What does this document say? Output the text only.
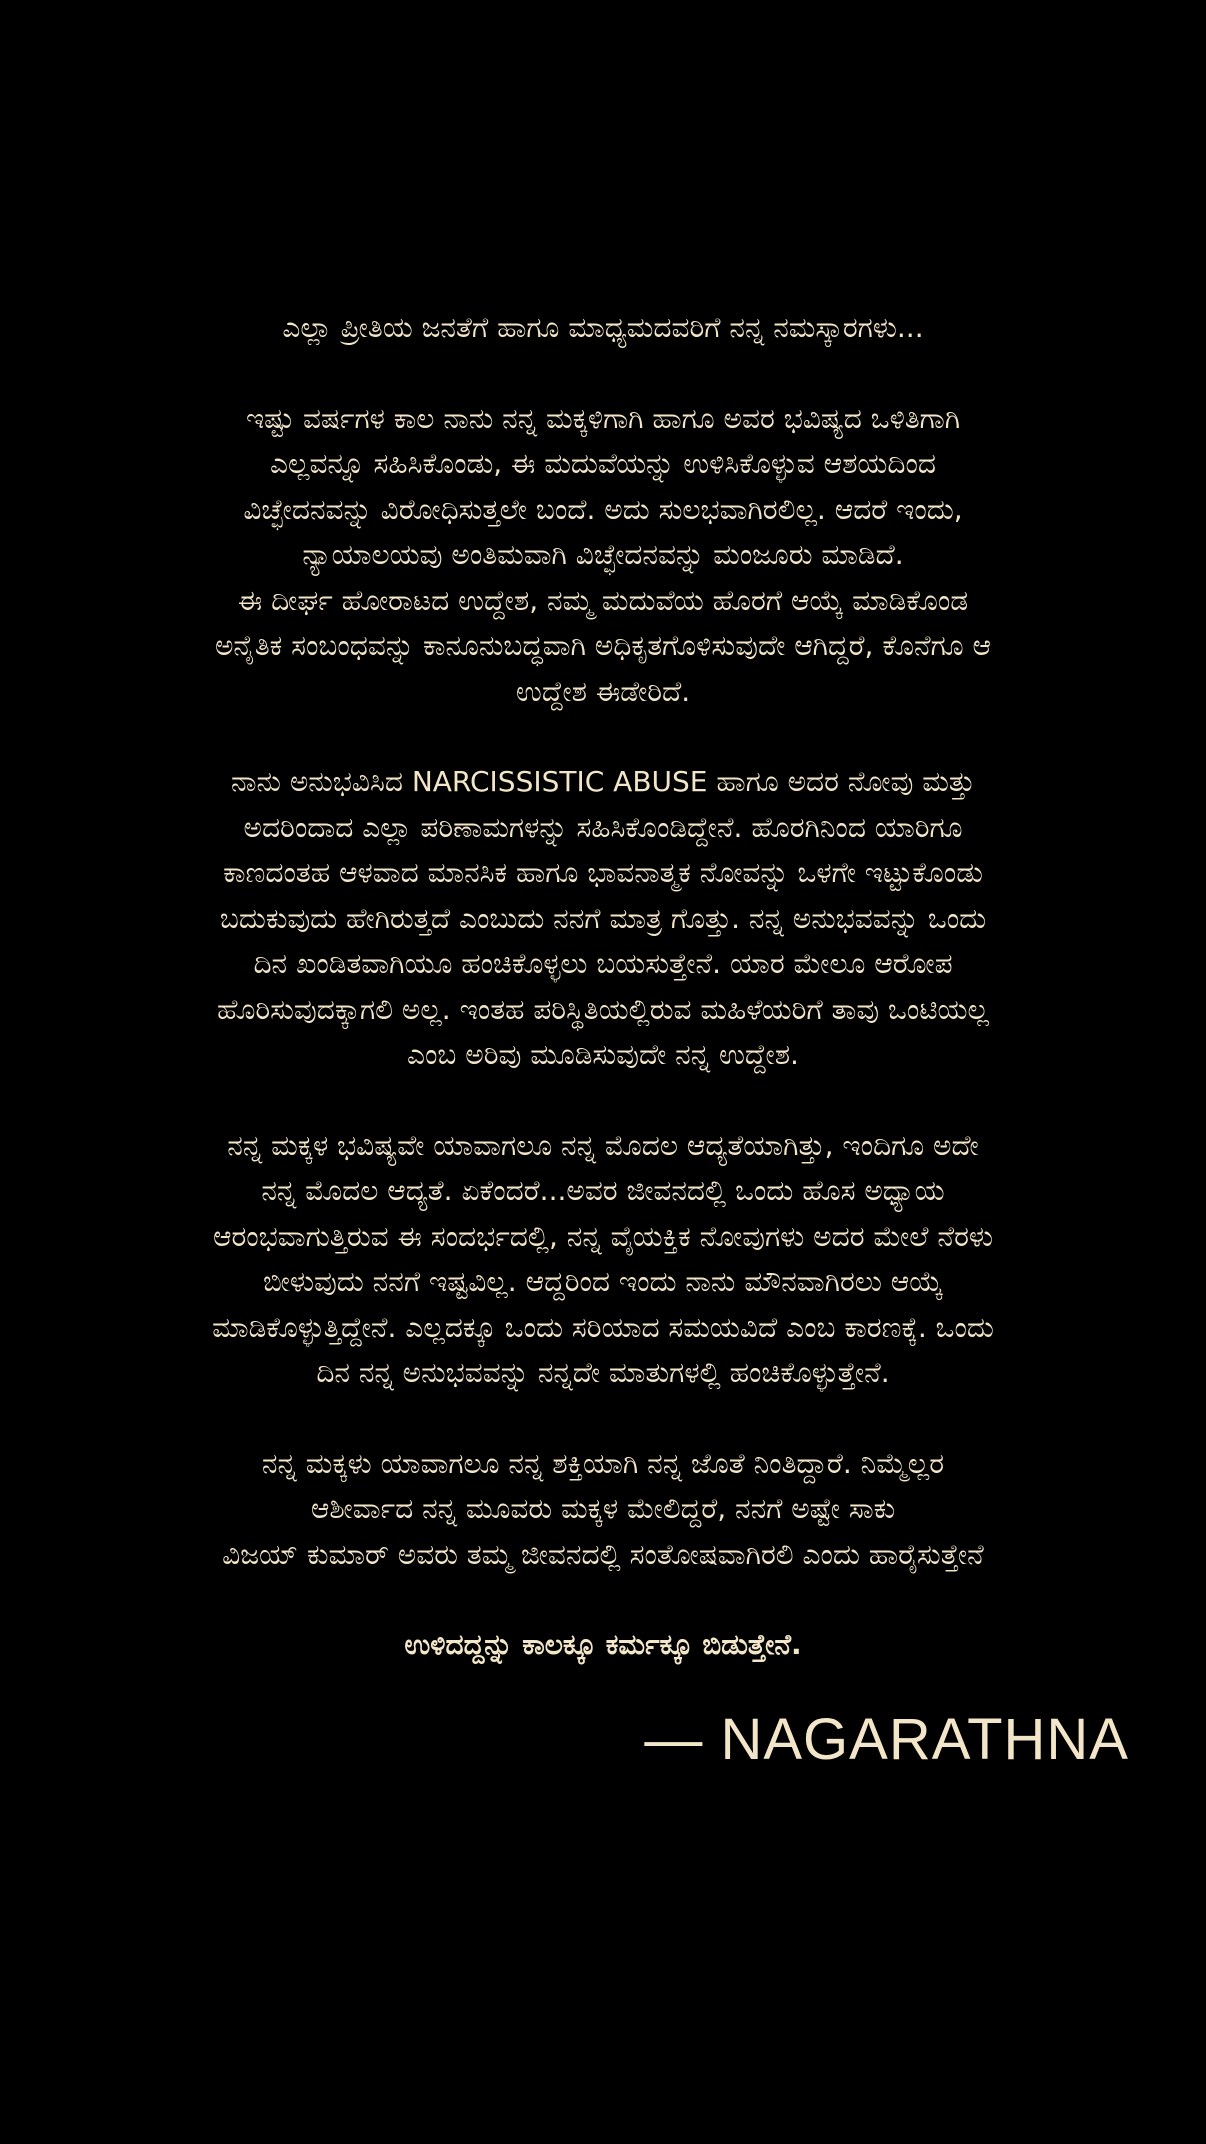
ಎಲ್ಲಾ ಪ್ರೀತಿಯ ಜನತೆಗೆ ಹಾಗೂ ಮಾಧ್ಯಮದವರಿಗೆ ನನ್ನ ನಮಸ್ಕಾರಗಳು...
ಇಷ್ಟು ವರ್ಷಗಳ ಕಾಲ ನಾನು ನನ್ನ ಮಕ್ಕಳಿಗಾಗಿ ಹಾಗೂ ಅವರ ಭವಿಷ್ಯದ ಒಳಿತಿಗಾಗಿ
ಎಲ್ಲವನ್ನೂ ಸಹಿಸಿಕೊಂಡು, ಈ ಮದುವೆಯನ್ನು ಉಳಿಸಿಕೊಳ್ಳುವ ಆಶಯದಿಂದ
ವಿಚ್ಛೇದನವನ್ನು ವಿರೋಧಿಸುತ್ತಲೇ ಬಂದೆ. ಅದು ಸುಲಭವಾಗಿರಲಿಲ್ಲ. ಆದರೆ ಇಂದು,
ನ್ಯಾಯಾಲಯವು ಅಂತಿಮವಾಗಿ ವಿಚ್ಛೇದನವನ್ನು ಮಂಜೂರು ಮಾಡಿದೆ.
ಈ ದೀರ್ಘ ಹೋರಾಟದ ಉದ್ದೇಶ, ನಮ್ಮ ಮದುವೆಯ ಹೊರಗೆ ಆಯ್ಕೆ ಮಾಡಿಕೊಂಡ
ಅನೈತಿಕ ಸಂಬಂಧವನ್ನು ಕಾನೂನುಬದ್ಧವಾಗಿ ಅಧಿಕೃತಗೊಳಿಸುವುದೇ ಆಗಿದ್ದರೆ, ಕೊನೆಗೂ ಆ
ಉದ್ದೇಶ ಈಡೇರಿದೆ.
ನಾನು ಅನುಭವಿಸಿದ NARCISSISTIC ABUSE ಹಾಗೂ ಅದರ ನೋವು ಮತ್ತು
ಅದರಿಂದಾದ ಎಲ್ಲಾ ಪರಿಣಾಮಗಳನ್ನು ಸಹಿಸಿಕೊಂಡಿದ್ದೇನೆ. ಹೊರಗಿನಿಂದ ಯಾರಿಗೂ
ಕಾಣದಂತಹ ಆಳವಾದ ಮಾನಸಿಕ ಹಾಗೂ ಭಾವನಾತ್ಮಕ ನೋವನ್ನು ಒಳಗೇ ಇಟ್ಟುಕೊಂಡು
ಬದುಕುವುದು ಹೇಗಿರುತ್ತದೆ ಎಂಬುದು ನನಗೆ ಮಾತ್ರ ಗೊತ್ತು. ನನ್ನ ಅನುಭವವನ್ನು ಒಂದು
ದಿನ ಖಂಡಿತವಾಗಿಯೂ ಹಂಚಿಕೊಳ್ಳಲು ಬಯಸುತ್ತೇನೆ. ಯಾರ ಮೇಲೂ ಆರೋಪ
ಹೊರಿಸುವುದಕ್ಕಾಗಲಿ ಅಲ್ಲ. ಇಂತಹ ಪರಿಸ್ಥಿತಿಯಲ್ಲಿರುವ ಮಹಿಳೆಯರಿಗೆ ತಾವು ಒಂಟಿಯಲ್ಲ
ಎಂಬ ಅರಿವು ಮೂಡಿಸುವುದೇ ನನ್ನ ಉದ್ದೇಶ.
ನನ್ನ ಮಕ್ಕಳ ಭವಿಷ್ಯವೇ ಯಾವಾಗಲೂ ನನ್ನ ಮೊದಲ ಆದ್ಯತೆಯಾಗಿತ್ತು, ಇಂದಿಗೂ ಅದೇ
ನನ್ನ ಮೊದಲ ಆದ್ಯತೆ. ಏಕೆಂದರೆ...ಅವರ ಜೀವನದಲ್ಲಿ ಒಂದು ಹೊಸ ಅಧ್ಯಾಯ
ಆರಂಭವಾಗುತ್ತಿರುವ ಈ ಸಂದರ್ಭದಲ್ಲಿ, ನನ್ನ ವೈಯಕ್ತಿಕ ನೋವುಗಳು ಅದರ ಮೇಲೆ ನೆರಳು
ಬೀಳುವುದು ನನಗೆ ಇಷ್ಟವಿಲ್ಲ. ಆದ್ದರಿಂದ ಇಂದು ನಾನು ಮೌನವಾಗಿರಲು ಆಯ್ಕೆ
ಮಾಡಿಕೊಳ್ಳುತ್ತಿದ್ದೇನೆ. ಎಲ್ಲದಕ್ಕೂ ಒಂದು ಸರಿಯಾದ ಸಮಯವಿದೆ ಎಂಬ ಕಾರಣಕ್ಕೆ. ಒಂದು
ದಿನ ನನ್ನ ಅನುಭವವನ್ನು ನನ್ನದೇ ಮಾತುಗಳಲ್ಲಿ ಹಂಚಿಕೊಳ್ಳುತ್ತೇನೆ.
ನನ್ನ ಮಕ್ಕಳು ಯಾವಾಗಲೂ ನನ್ನ ಶಕ್ತಿಯಾಗಿ ನನ್ನ ಜೊತೆ ನಿಂತಿದ್ದಾರೆ. ನಿಮ್ಮೆಲ್ಲರ
ಆಶೀರ್ವಾದ ನನ್ನ ಮೂವರು ಮಕ್ಕಳ ಮೇಲಿದ್ದರೆ, ನನಗೆ ಅಷ್ಟೇ ಸಾಕು
ವಿಜಯ್ ಕುಮಾರ್ ಅವರು ತಮ್ಮ ಜೀವನದಲ್ಲಿ ಸಂತೋಷವಾಗಿರಲಿ ಎಂದು ಹಾರೈಸುತ್ತೇನೆ
ಉಳಿದದ್ದನ್ನು ಕಾಲಕ್ಕೂ ಕರ್ಮಕ್ಕೂ ಬಿಡುತ್ತೇನೆ.
— NAGARATHNA
